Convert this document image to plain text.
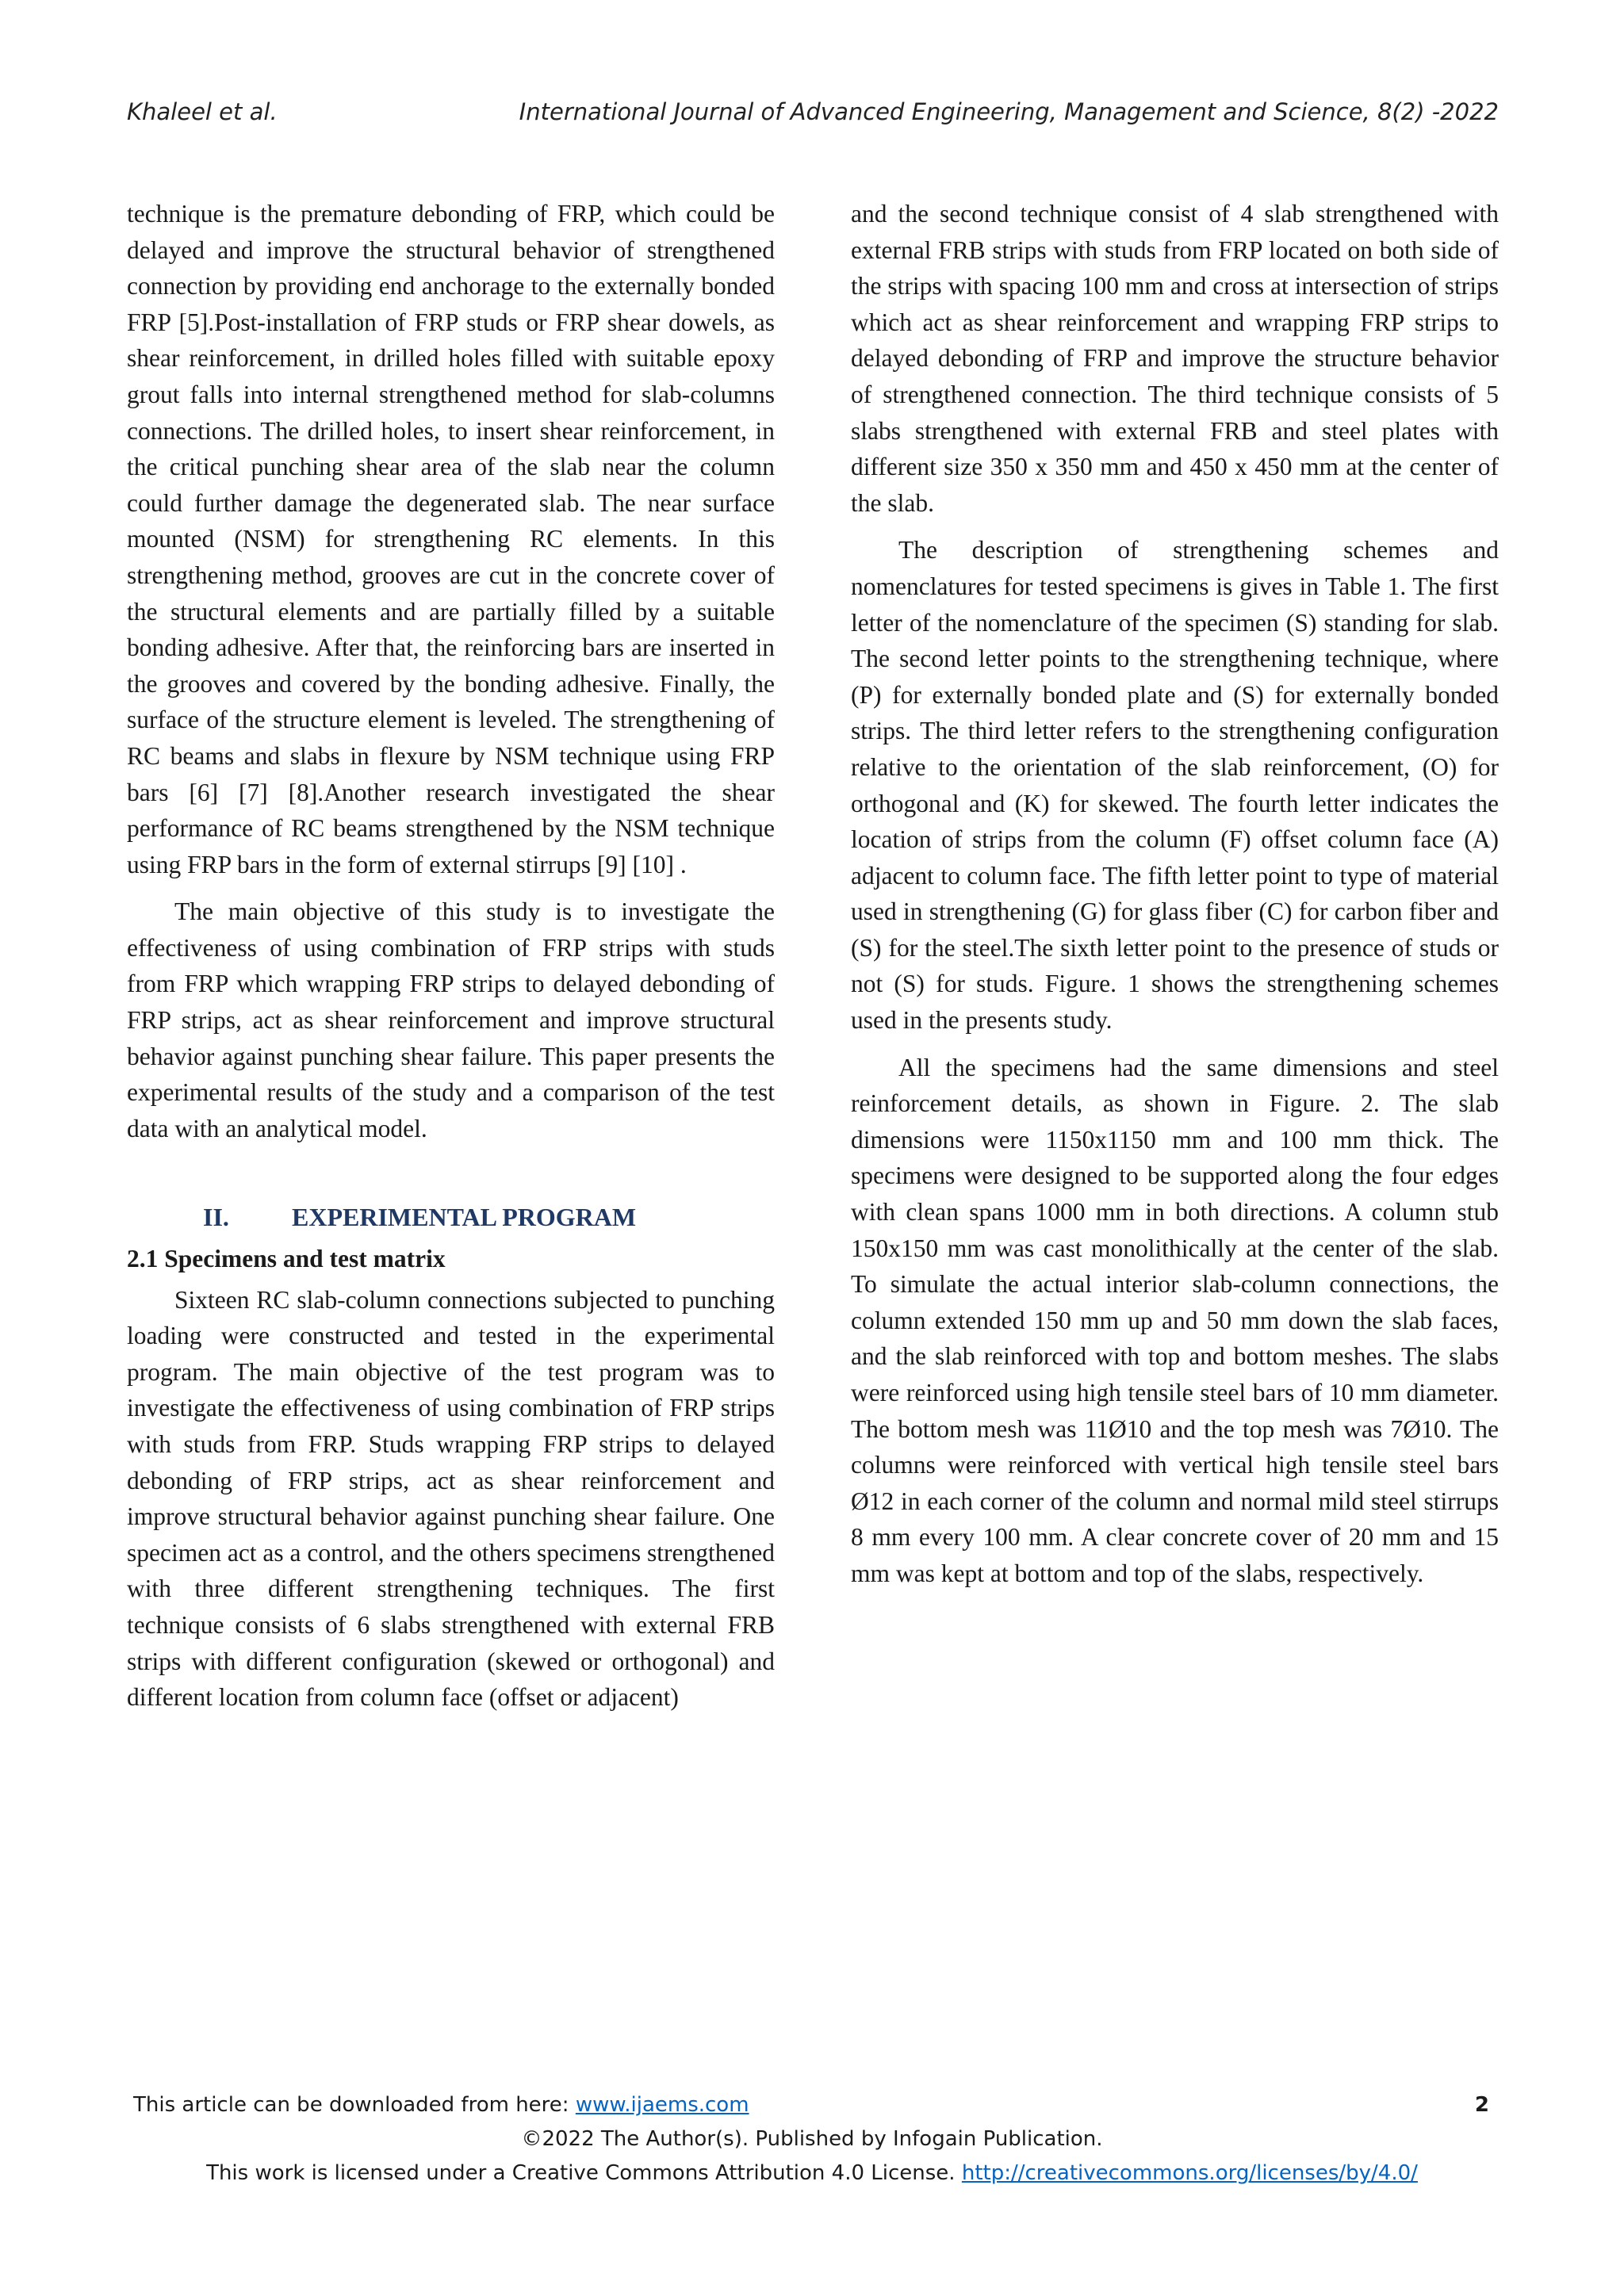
Khaleel et al.	International Journal of Advanced Engineering, Management and Science, 8(2) -2022

technique is the premature debonding of FRP, which could be delayed and improve the structural behavior of strengthened connection by providing end anchorage to the externally bonded FRP [5].Post-installation of FRP studs or FRP shear dowels, as shear reinforcement, in drilled holes filled with suitable epoxy grout falls into internal strengthened method for slab-columns connections. The drilled holes, to insert shear reinforcement, in the critical punching shear area of the slab near the column could further damage the degenerated slab. The near surface mounted (NSM) for strengthening RC elements. In this strengthening method, grooves are cut in the concrete cover of the structural elements and are partially filled by a suitable bonding adhesive. After that, the reinforcing bars are inserted in the grooves and covered by the bonding adhesive. Finally, the surface of the structure element is leveled. The strengthening of RC beams and slabs in flexure by NSM technique using FRP bars [6] [7] [8].Another research investigated the shear performance of RC beams strengthened by the NSM technique using FRP bars in the form of external stirrups [9] [10] .

The main objective of this study is to investigate the effectiveness of using combination of FRP strips with studs from FRP which wrapping FRP strips to delayed debonding of FRP strips, act as shear reinforcement and improve structural behavior against punching shear failure. This paper presents the experimental results of the study and a comparison of the test data with an analytical model.

II. EXPERIMENTAL PROGRAM
2.1 Specimens and test matrix

Sixteen RC slab-column connections subjected to punching loading were constructed and tested in the experimental program. The main objective of the test program was to investigate the effectiveness of using combination of FRP strips with studs from FRP. Studs wrapping FRP strips to delayed debonding of FRP strips, act as shear reinforcement and improve structural behavior against punching shear failure. One specimen act as a control, and the others specimens strengthened with three different strengthening techniques. The first technique consists of 6 slabs strengthened with external FRB strips with different configuration (skewed or orthogonal) and different location from column face (offset or adjacent)

and the second technique consist of 4 slab strengthened with external FRB strips with studs from FRP located on both side of the strips with spacing 100 mm and cross at intersection of strips which act as shear reinforcement and wrapping FRP strips to delayed debonding of FRP and improve the structure behavior of strengthened connection. The third technique consists of 5 slabs strengthened with external FRB and steel plates with different size 350 x 350 mm and 450 x 450 mm at the center of the slab.

The description of strengthening schemes and nomenclatures for tested specimens is gives in Table 1. The first letter of the nomenclature of the specimen (S) standing for slab. The second letter points to the strengthening technique, where (P) for externally bonded plate and (S) for externally bonded strips. The third letter refers to the strengthening configuration relative to the orientation of the slab reinforcement, (O) for orthogonal and (K) for skewed. The fourth letter indicates the location of strips from the column (F) offset column face (A) adjacent to column face. The fifth letter point to type of material used in strengthening (G) for glass fiber (C) for carbon fiber and (S) for the steel.The sixth letter point to the presence of studs or not (S) for studs. Figure. 1 shows the strengthening schemes used in the presents study.

All the specimens had the same dimensions and steel reinforcement details, as shown in Figure. 2. The slab dimensions were 1150x1150 mm and 100 mm thick. The specimens were designed to be supported along the four edges with clean spans 1000 mm in both directions. A column stub 150x150 mm was cast monolithically at the center of the slab. To simulate the actual interior slab-column connections, the column extended 150 mm up and 50 mm down the slab faces, and the slab reinforced with top and bottom meshes. The slabs were reinforced using high tensile steel bars of 10 mm diameter. The bottom mesh was 11Ø10 and the top mesh was 7Ø10. The columns were reinforced with vertical high tensile steel bars Ø12 in each corner of the column and normal mild steel stirrups 8 mm every 100 mm. A clear concrete cover of 20 mm and 15 mm was kept at bottom and top of the slabs, respectively.

This article can be downloaded from here: www.ijaems.com	2
©2022 The Author(s). Published by Infogain Publication.
This work is licensed under a Creative Commons Attribution 4.0 License. http://creativecommons.org/licenses/by/4.0/
